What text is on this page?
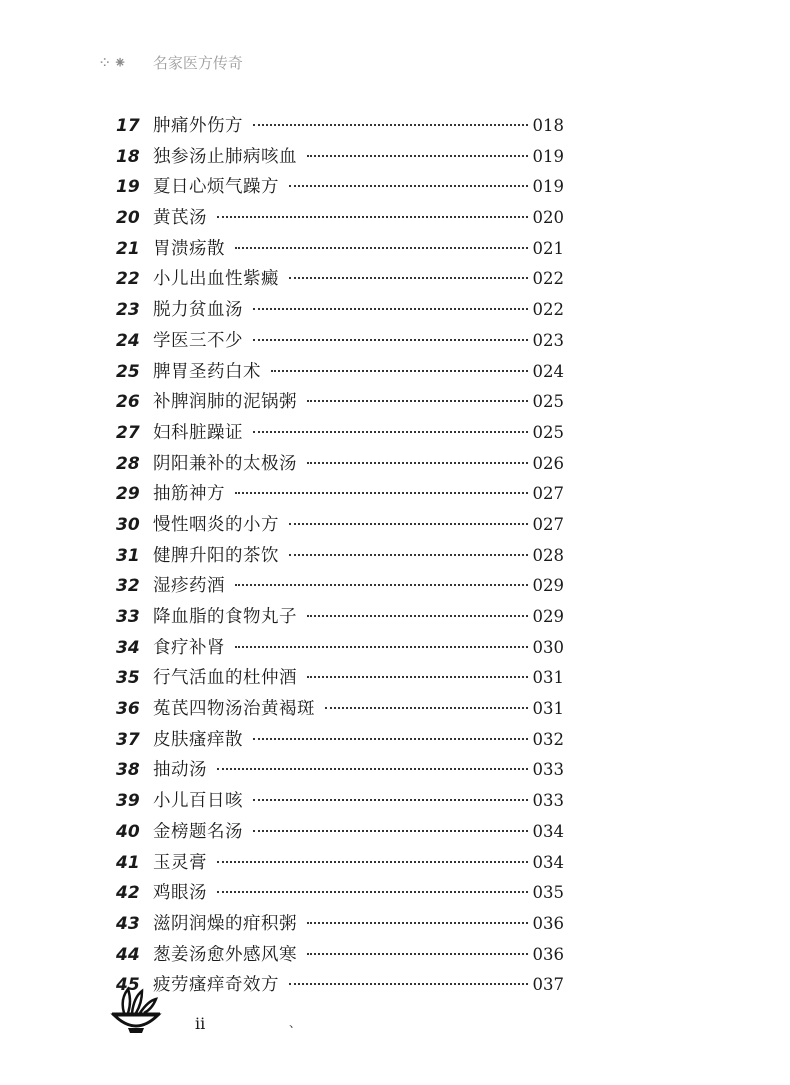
⁘⁕ 名家医方传奇
17 肿痛外伤方	018
18 独参汤止肺病咳血	019
19 夏日心烦气躁方	019
20 黄芪汤	020
21 胃溃疡散	021
22 小儿出血性紫癜	022
23 脱力贫血汤	022
24 学医三不少	023
25 脾胃圣药白术	024
26 补脾润肺的泥锅粥	025
27 妇科脏躁证	025
28 阴阳兼补的太极汤	026
29 抽筋神方	027
30 慢性咽炎的小方	027
31 健脾升阳的茶饮	028
32 湿疹药酒	029
33 降血脂的食物丸子	029
34 食疗补肾	030
35 行气活血的杜仲酒	031
36 菟芪四物汤治黄褐斑	031
37 皮肤瘙痒散	032
38 抽动汤	033
39 小儿百日咳	033
40 金榜题名汤	034
41 玉灵膏	034
42 鸡眼汤	035
43 滋阴润燥的疳积粥	036
44 葱姜汤愈外感风寒	036
45 疲劳瘙痒奇效方	037
ii	、
